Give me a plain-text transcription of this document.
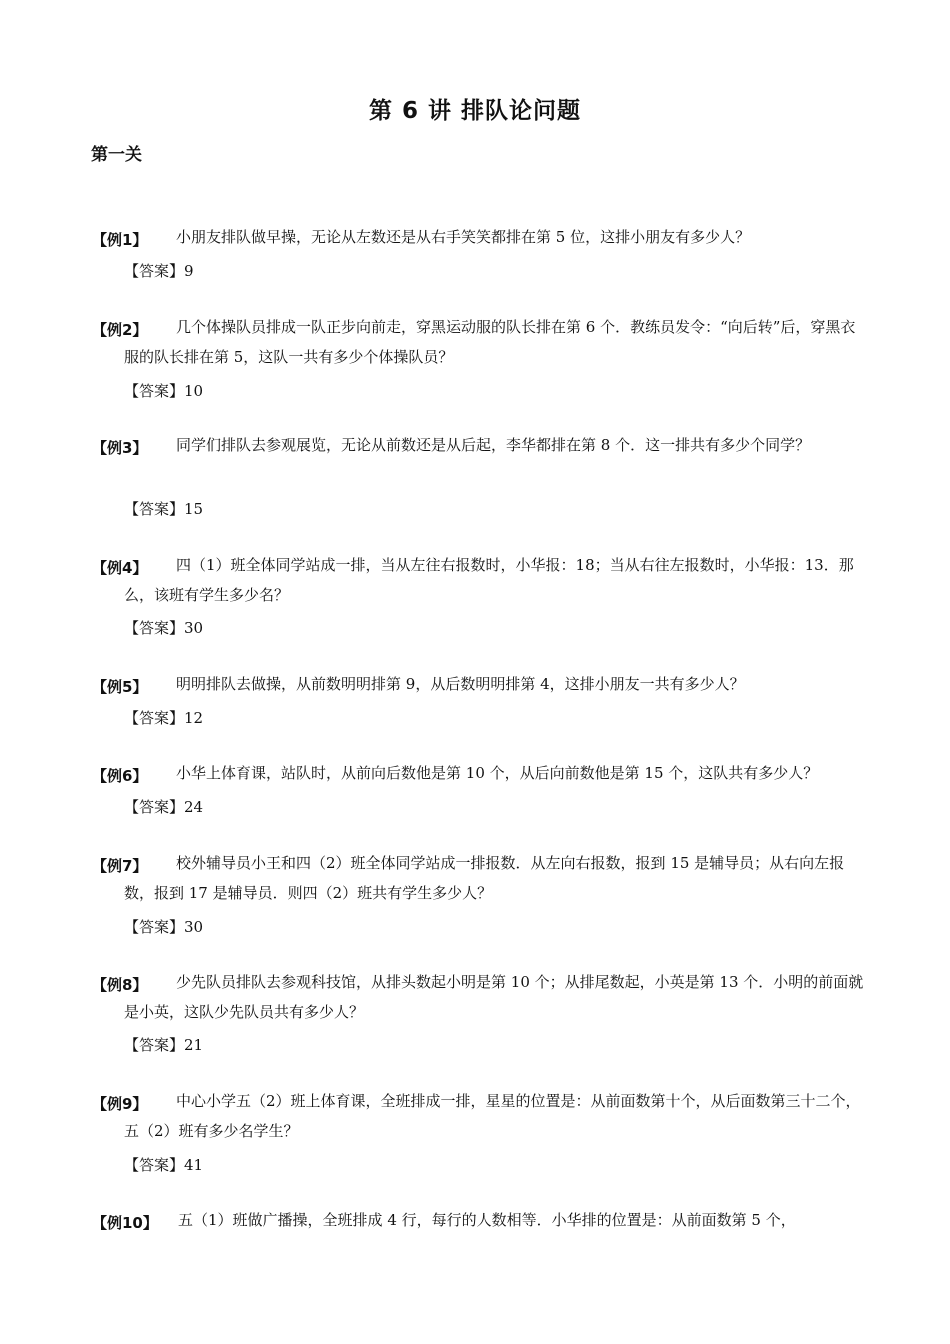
第 6 讲 排队论问题
第一关
【例1】	小朋友排队做早操，无论从左数还是从右手笑笑都排在第 5 位，这排小朋友有多少人？

【答案】9
【例2】	几个体操队员排成一队正步向前走，穿黑运动服的队长排在第 6 个．教练员发令：“向后转”后，穿黑衣服的队长排在第 5，这队一共有多少个体操队员？

【答案】10
【例3】	同学们排队去参观展览，无论从前数还是从后起，李华都排在第 8 个．这一排共有多少个同学？

【答案】15
【例4】	四（1）班全体同学站成一排，当从左往右报数时，小华报：18；当从右往左报数时，小华报：13．那么，该班有学生多少名？

【答案】30
【例5】	明明排队去做操，从前数明明排第 9，从后数明明排第 4，这排小朋友一共有多少人？

【答案】12
【例6】	小华上体育课，站队时，从前向后数他是第 10 个，从后向前数他是第 15 个，这队共有多少人？

【答案】24
【例7】	校外辅导员小王和四（2）班全体同学站成一排报数．从左向右报数，报到 15 是辅导员；从右向左报数，报到 17 是辅导员．则四（2）班共有学生多少人？

【答案】30
【例8】	少先队员排队去参观科技馆，从排头数起小明是第 10 个；从排尾数起，小英是第 13 个．小明的前面就是小英，这队少先队员共有多少人？

【答案】21
【例9】	中心小学五（2）班上体育课，全班排成一排，星星的位置是：从前面数第十个，从后面数第三十二个，五（2）班有多少名学生？

【答案】41
【例10】	五（1）班做广播操，全班排成 4 行，每行的人数相等．小华排的位置是：从前面数第 5 个，
